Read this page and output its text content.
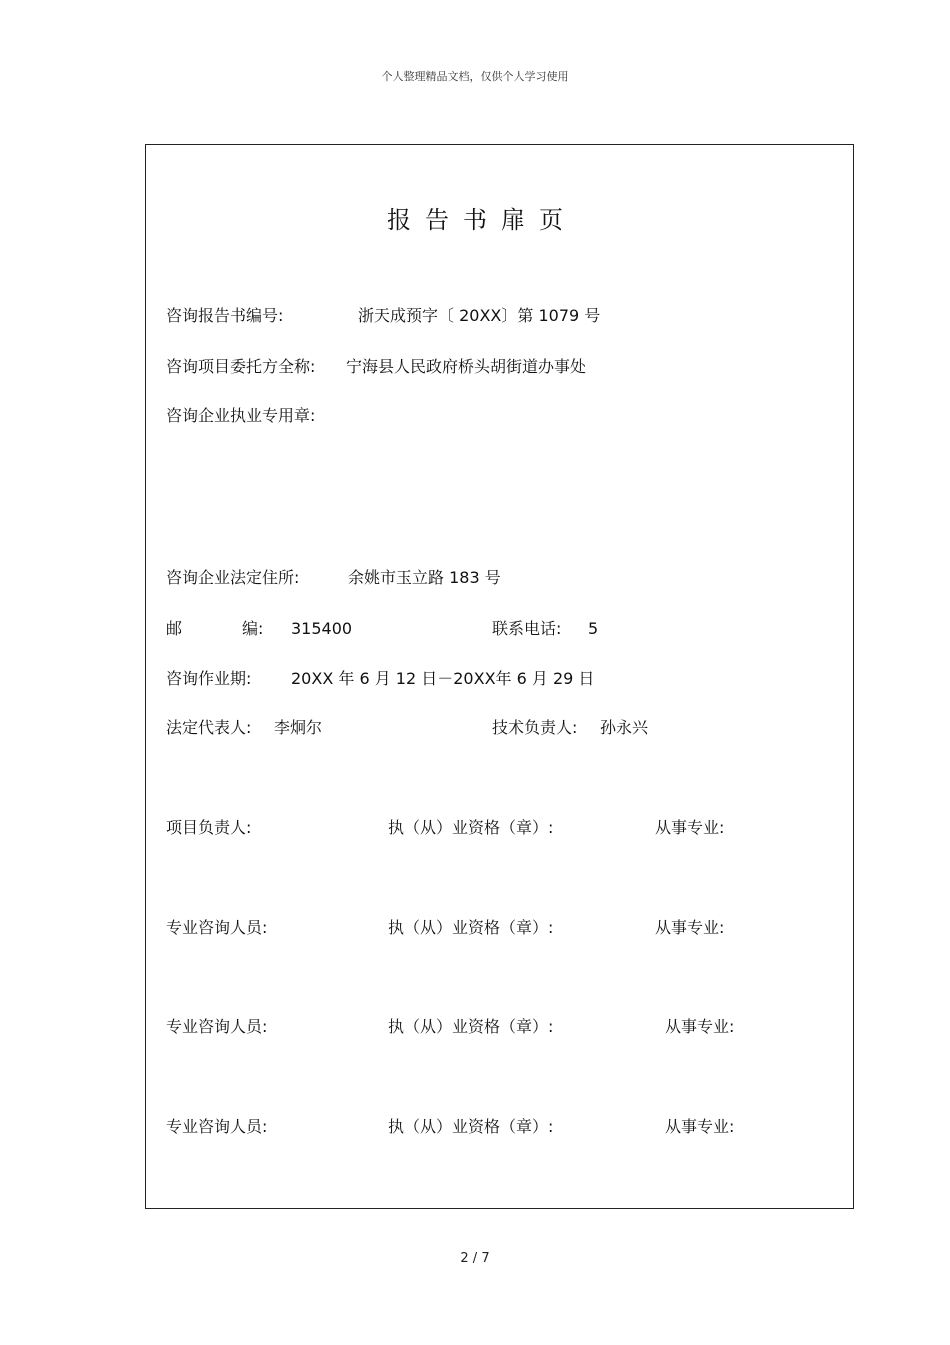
个人整理精品文档，仅供个人学习使用
报告书扉页
咨询报告书编号:	浙天成预字〔 20XX〕第 1079 号
咨询项目委托方全称: 宁海县人民政府桥头胡街道办事处
咨询企业执业专用章:
咨询企业法定住所:	余姚市玉立路 183 号
邮	编: 315400	联系电话: 5
咨询作业期: 20XX 年 6 月 12 日－20XX年 6 月 29 日
法定代表人: 李炯尔	技术负责人: 孙永兴
项目负责人:	执（从）业资格（章）:	从事专业:
专业咨询人员:	执（从）业资格（章）:	从事专业:
专业咨询人员:	执（从）业资格（章）:	从事专业:
专业咨询人员:	执（从）业资格（章）:	从事专业:
2 / 7
